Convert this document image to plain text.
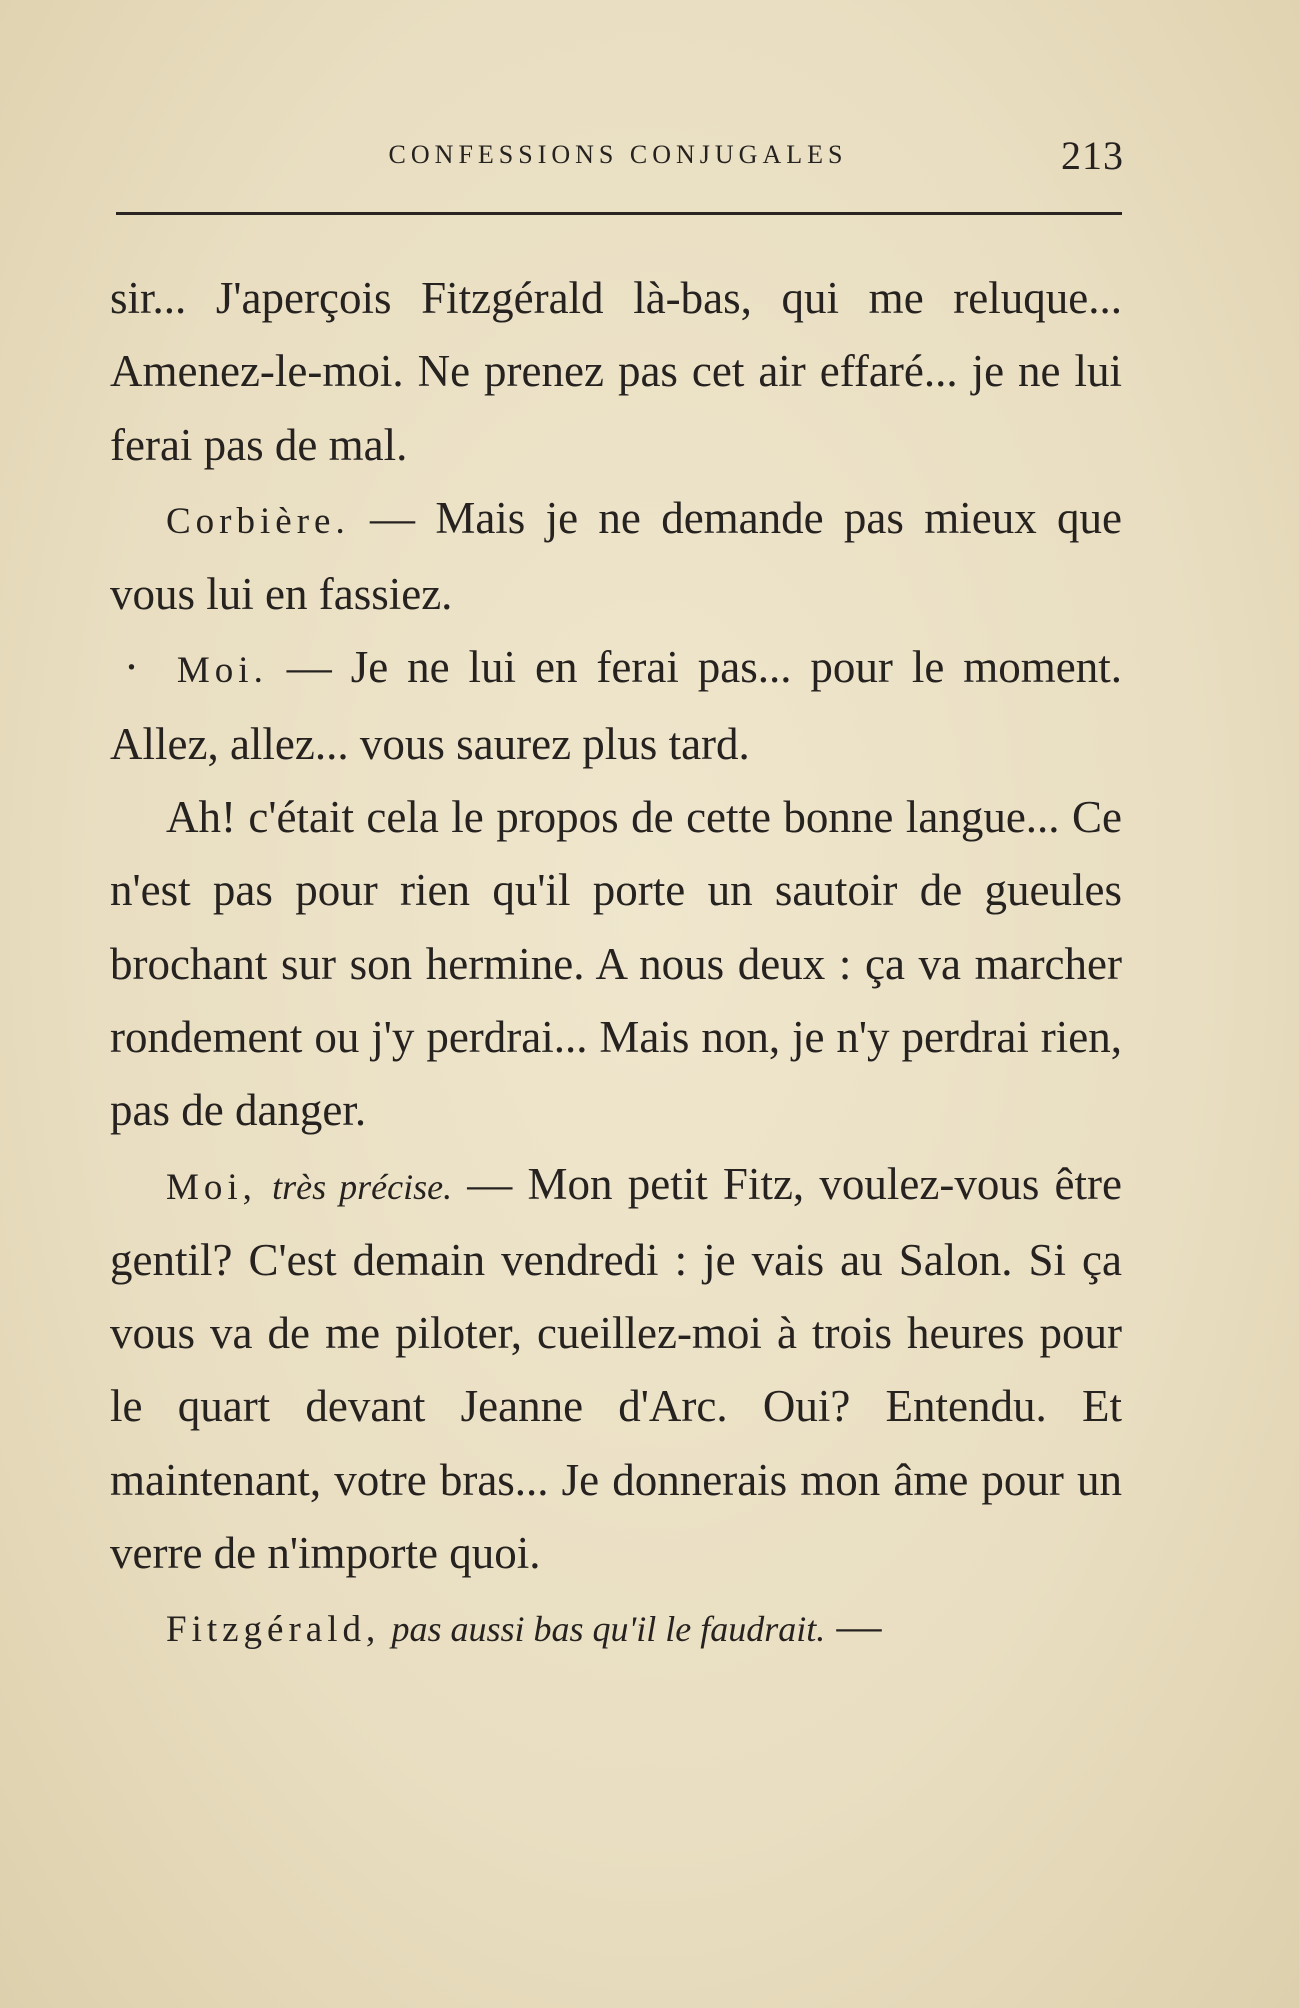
CONFESSIONS CONJUGALES	213

sir... J'aperçois Fitzgérald là-bas, qui me reluque... Amenez-le-moi. Ne prenez pas cet air effaré... je ne lui ferai pas de mal.

Corbière. — Mais je ne demande pas mieux que vous lui en fassiez.

· Moi. — Je ne lui en ferai pas... pour le moment. Allez, allez... vous saurez plus tard.

Ah! c'était cela le propos de cette bonne langue... Ce n'est pas pour rien qu'il porte un sautoir de gueules brochant sur son hermine. A nous deux : ça va marcher rondement ou j'y perdrai... Mais non, je n'y perdrai rien, pas de danger.

Moi, très précise. — Mon petit Fitz, voulez-vous être gentil? C'est demain vendredi : je vais au Salon. Si ça vous va de me piloter, cueillez-moi à trois heures pour le quart devant Jeanne d'Arc. Oui? Entendu. Et maintenant, votre bras... Je donnerais mon âme pour un verre de n'importe quoi.

Fitzgérald, pas aussi bas qu'il le faudrait. —
